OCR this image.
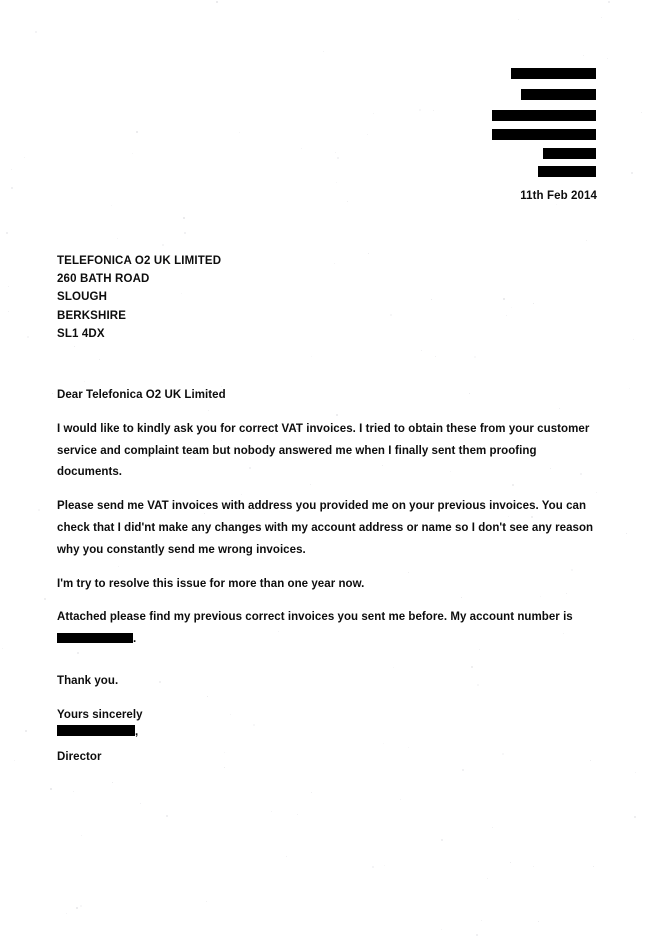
11th Feb 2014
TELEFONICA O2 UK LIMITED
260 BATH ROAD
SLOUGH
BERKSHIRE
SL1 4DX

Dear Telefonica O2 UK Limited

I would like to kindly ask you for correct VAT invoices. I tried to obtain these from your customer service and complaint team but nobody answered me when I finally sent them proofing documents.

Please send me VAT invoices with address you provided me on your previous invoices. You can check that I did'nt make any changes with my account address or name so I don't see any reason why you constantly send me wrong invoices.

I'm try to resolve this issue for more than one year now.

Attached please find my previous correct invoices you sent me before. My account number is
.

Thank you.

Yours sincerely

,
Director
